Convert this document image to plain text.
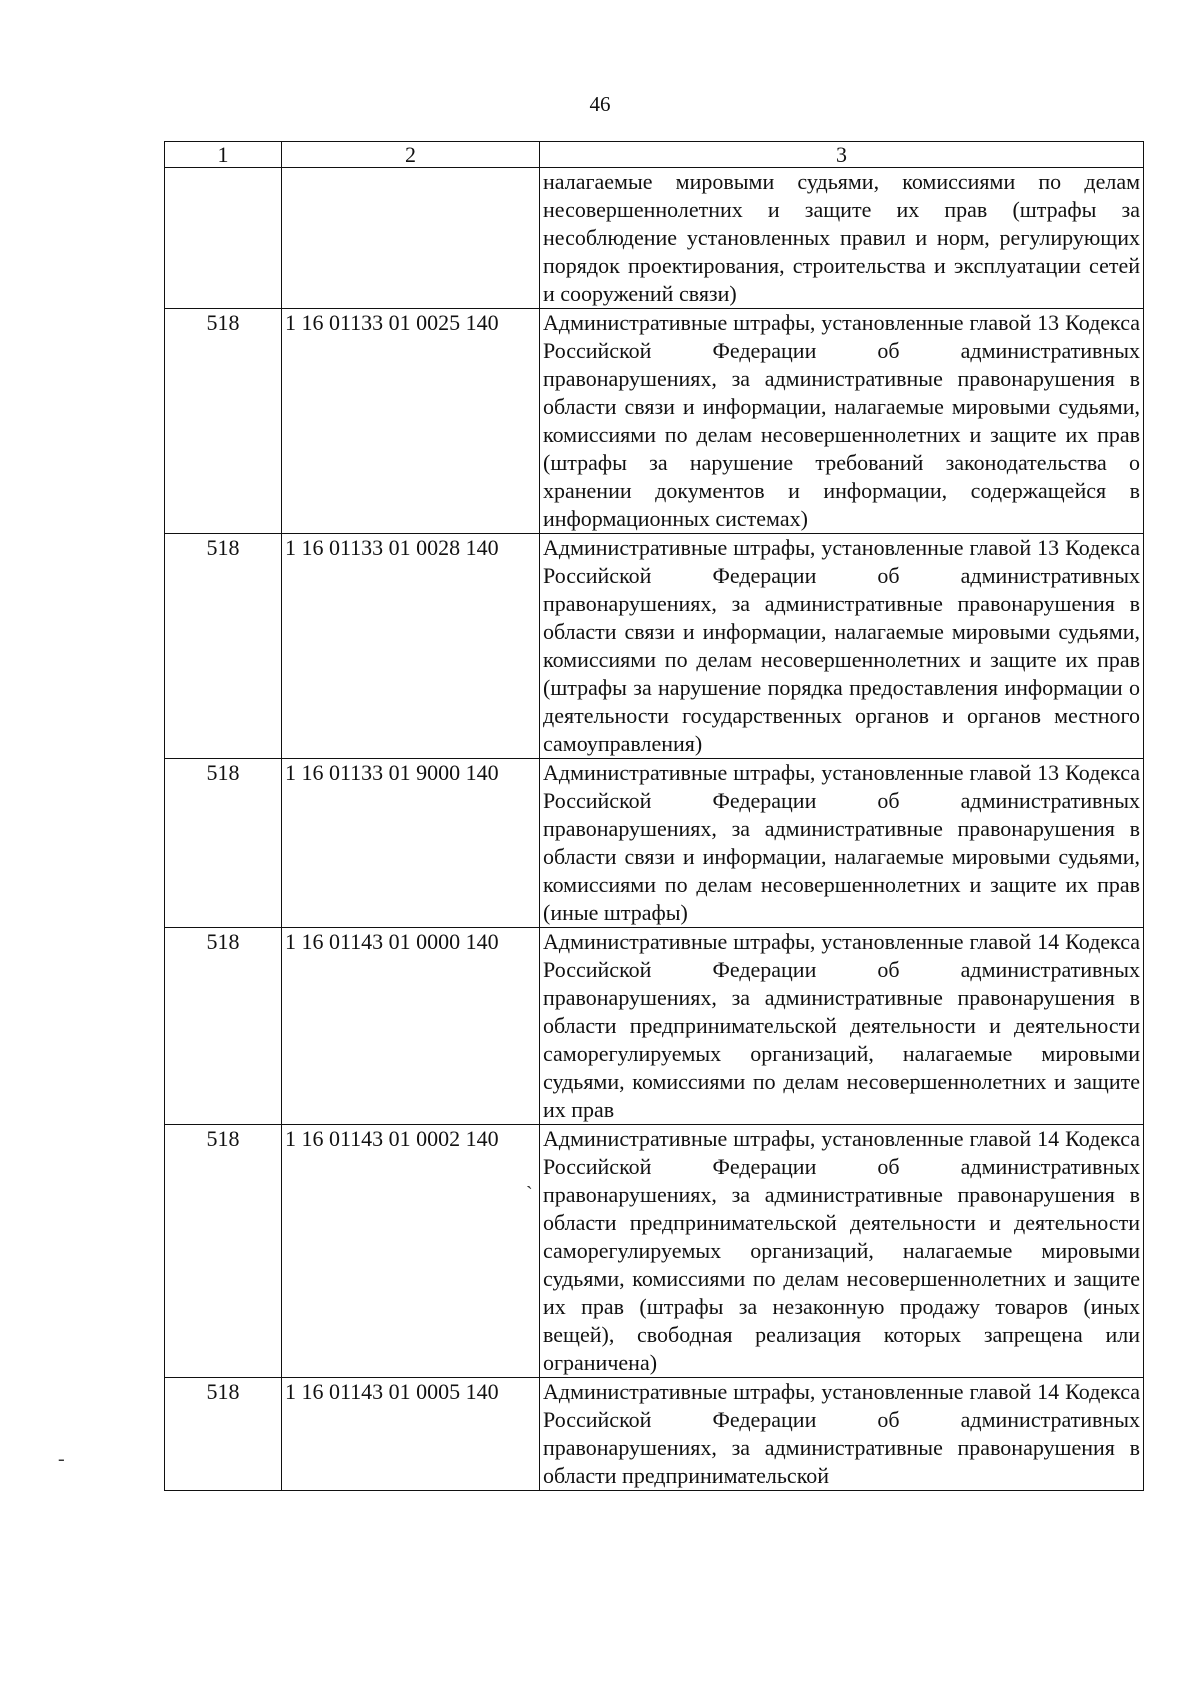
46
1	2	3
		налагаемые мировыми судьями, комиссиями по делам несовершеннолетних и защите их прав (штрафы за несоблюдение установленных правил и норм, регулирующих порядок проектирования, строительства и эксплуатации сетей и сооружений связи)
518	1 16 01133 01 0025 140	Административные штрафы, установленные главой 13 Кодекса Российской Федерации об административных правонарушениях, за административные правонарушения в области связи и информации, налагаемые мировыми судьями, комиссиями по делам несовершеннолетних и защите их прав (штрафы за нарушение требований законодательства о хранении документов и информации, содержащейся в информационных системах)
518	1 16 01133 01 0028 140	Административные штрафы, установленные главой 13 Кодекса Российской Федерации об административных правонарушениях, за административные правонарушения в области связи и информации, налагаемые мировыми судьями, комиссиями по делам несовершеннолетних и защите их прав (штрафы за нарушение порядка предоставления информации о деятельности государственных органов и органов местного самоуправления)
518	1 16 01133 01 9000 140	Административные штрафы, установленные главой 13 Кодекса Российской Федерации об административных правонарушениях, за административные правонарушения в области связи и информации, налагаемые мировыми судьями, комиссиями по делам несовершеннолетних и защите их прав (иные штрафы)
518	1 16 01143 01 0000 140	Административные штрафы, установленные главой 14 Кодекса Российской Федерации об административных правонарушениях, за административные правонарушения в области предпринимательской деятельности и деятельности саморегулируемых организаций, налагаемые мировыми судьями, комиссиями по делам несовершеннолетних и защите их прав
518	1 16 01143 01 0002 140	Административные штрафы, установленные главой 14 Кодекса Российской Федерации об административных правонарушениях, за административные правонарушения в области предпринимательской деятельности и деятельности саморегулируемых организаций, налагаемые мировыми судьями, комиссиями по делам несовершеннолетних и защите их прав (штрафы за незаконную продажу товаров (иных вещей), свободная реализация которых запрещена или ограничена)
518	1 16 01143 01 0005 140	Административные штрафы, установленные главой 14 Кодекса Российской Федерации об административных правонарушениях, за административные правонарушения в области предпринимательской
`
-
